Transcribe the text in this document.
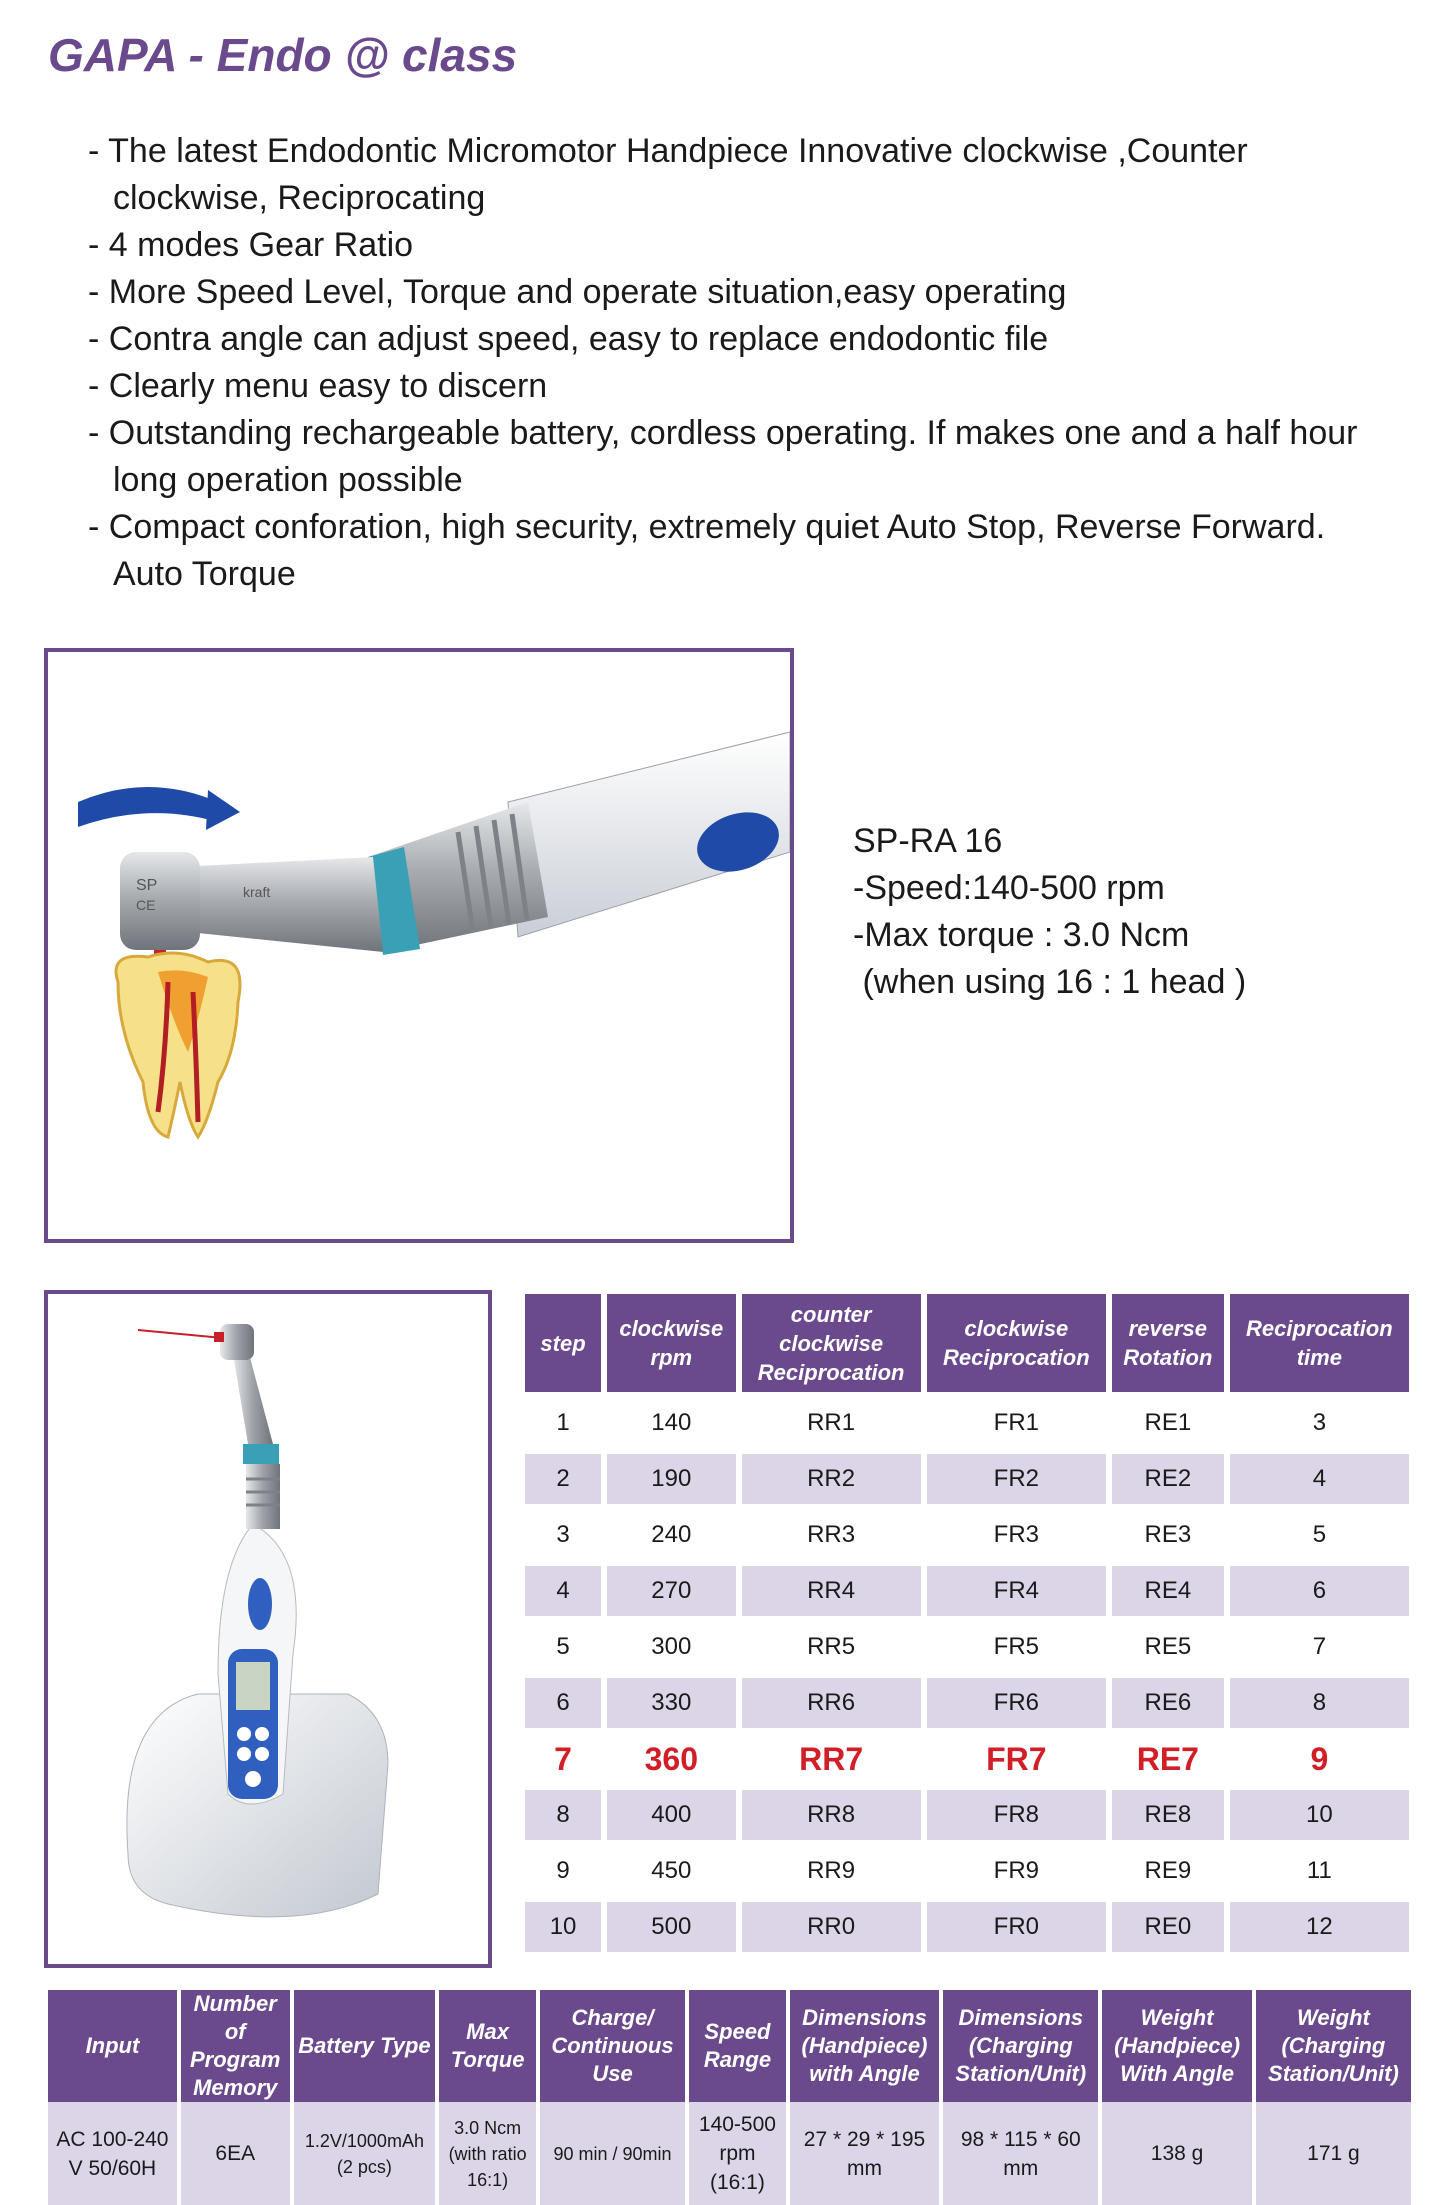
GAPA - Endo @ class
- The latest Endodontic Micromotor Handpiece Innovative clockwise ,Counter clockwise, Reciprocating
- 4 modes Gear Ratio
- More Speed Level, Torque and operate situation,easy operating
- Contra angle can adjust speed, easy to replace endodontic file
- Clearly menu easy to discern
- Outstanding rechargeable battery, cordless operating. If makes one and a half hour long operation possible
- Compact conforation, high security, extremely quiet Auto Stop, Reverse Forward. Auto Torque
kraft
SP
CE
SP-RA 16
-Speed:140-500 rpm
-Max torque : 3.0 Ncm
(when using 16 : 1 head )
step	clockwise rpm	counter clockwise Reciprocation	clockwise Reciprocation	reverse Rotation	Reciprocation time
1	140	RR1	FR1	RE1	3
2	190	RR2	FR2	RE2	4
3	240	RR3	FR3	RE3	5
4	270	RR4	FR4	RE4	6
5	300	RR5	FR5	RE5	7
6	330	RR6	FR6	RE6	8
7	360	RR7	FR7	RE7	9
8	400	RR8	FR8	RE8	10
9	450	RR9	FR9	RE9	11
10	500	RR0	FR0	RE0	12
Input	Number of Program Memory	Battery Type	Max Torque	Charge/ Continuous Use	Speed Range	Dimensions (Handpiece) with Angle	Dimensions (Charging Station/Unit)	Weight (Handpiece) With Angle	Weight (Charging Station/Unit)
AC 100-240 V 50/60H	6EA	1.2V/1000mAh (2 pcs)	3.0 Ncm (with ratio 16:1)	90 min / 90min	140-500 rpm (16:1)	27 * 29 * 195 mm	98 * 115 * 60 mm	138 g	171 g
